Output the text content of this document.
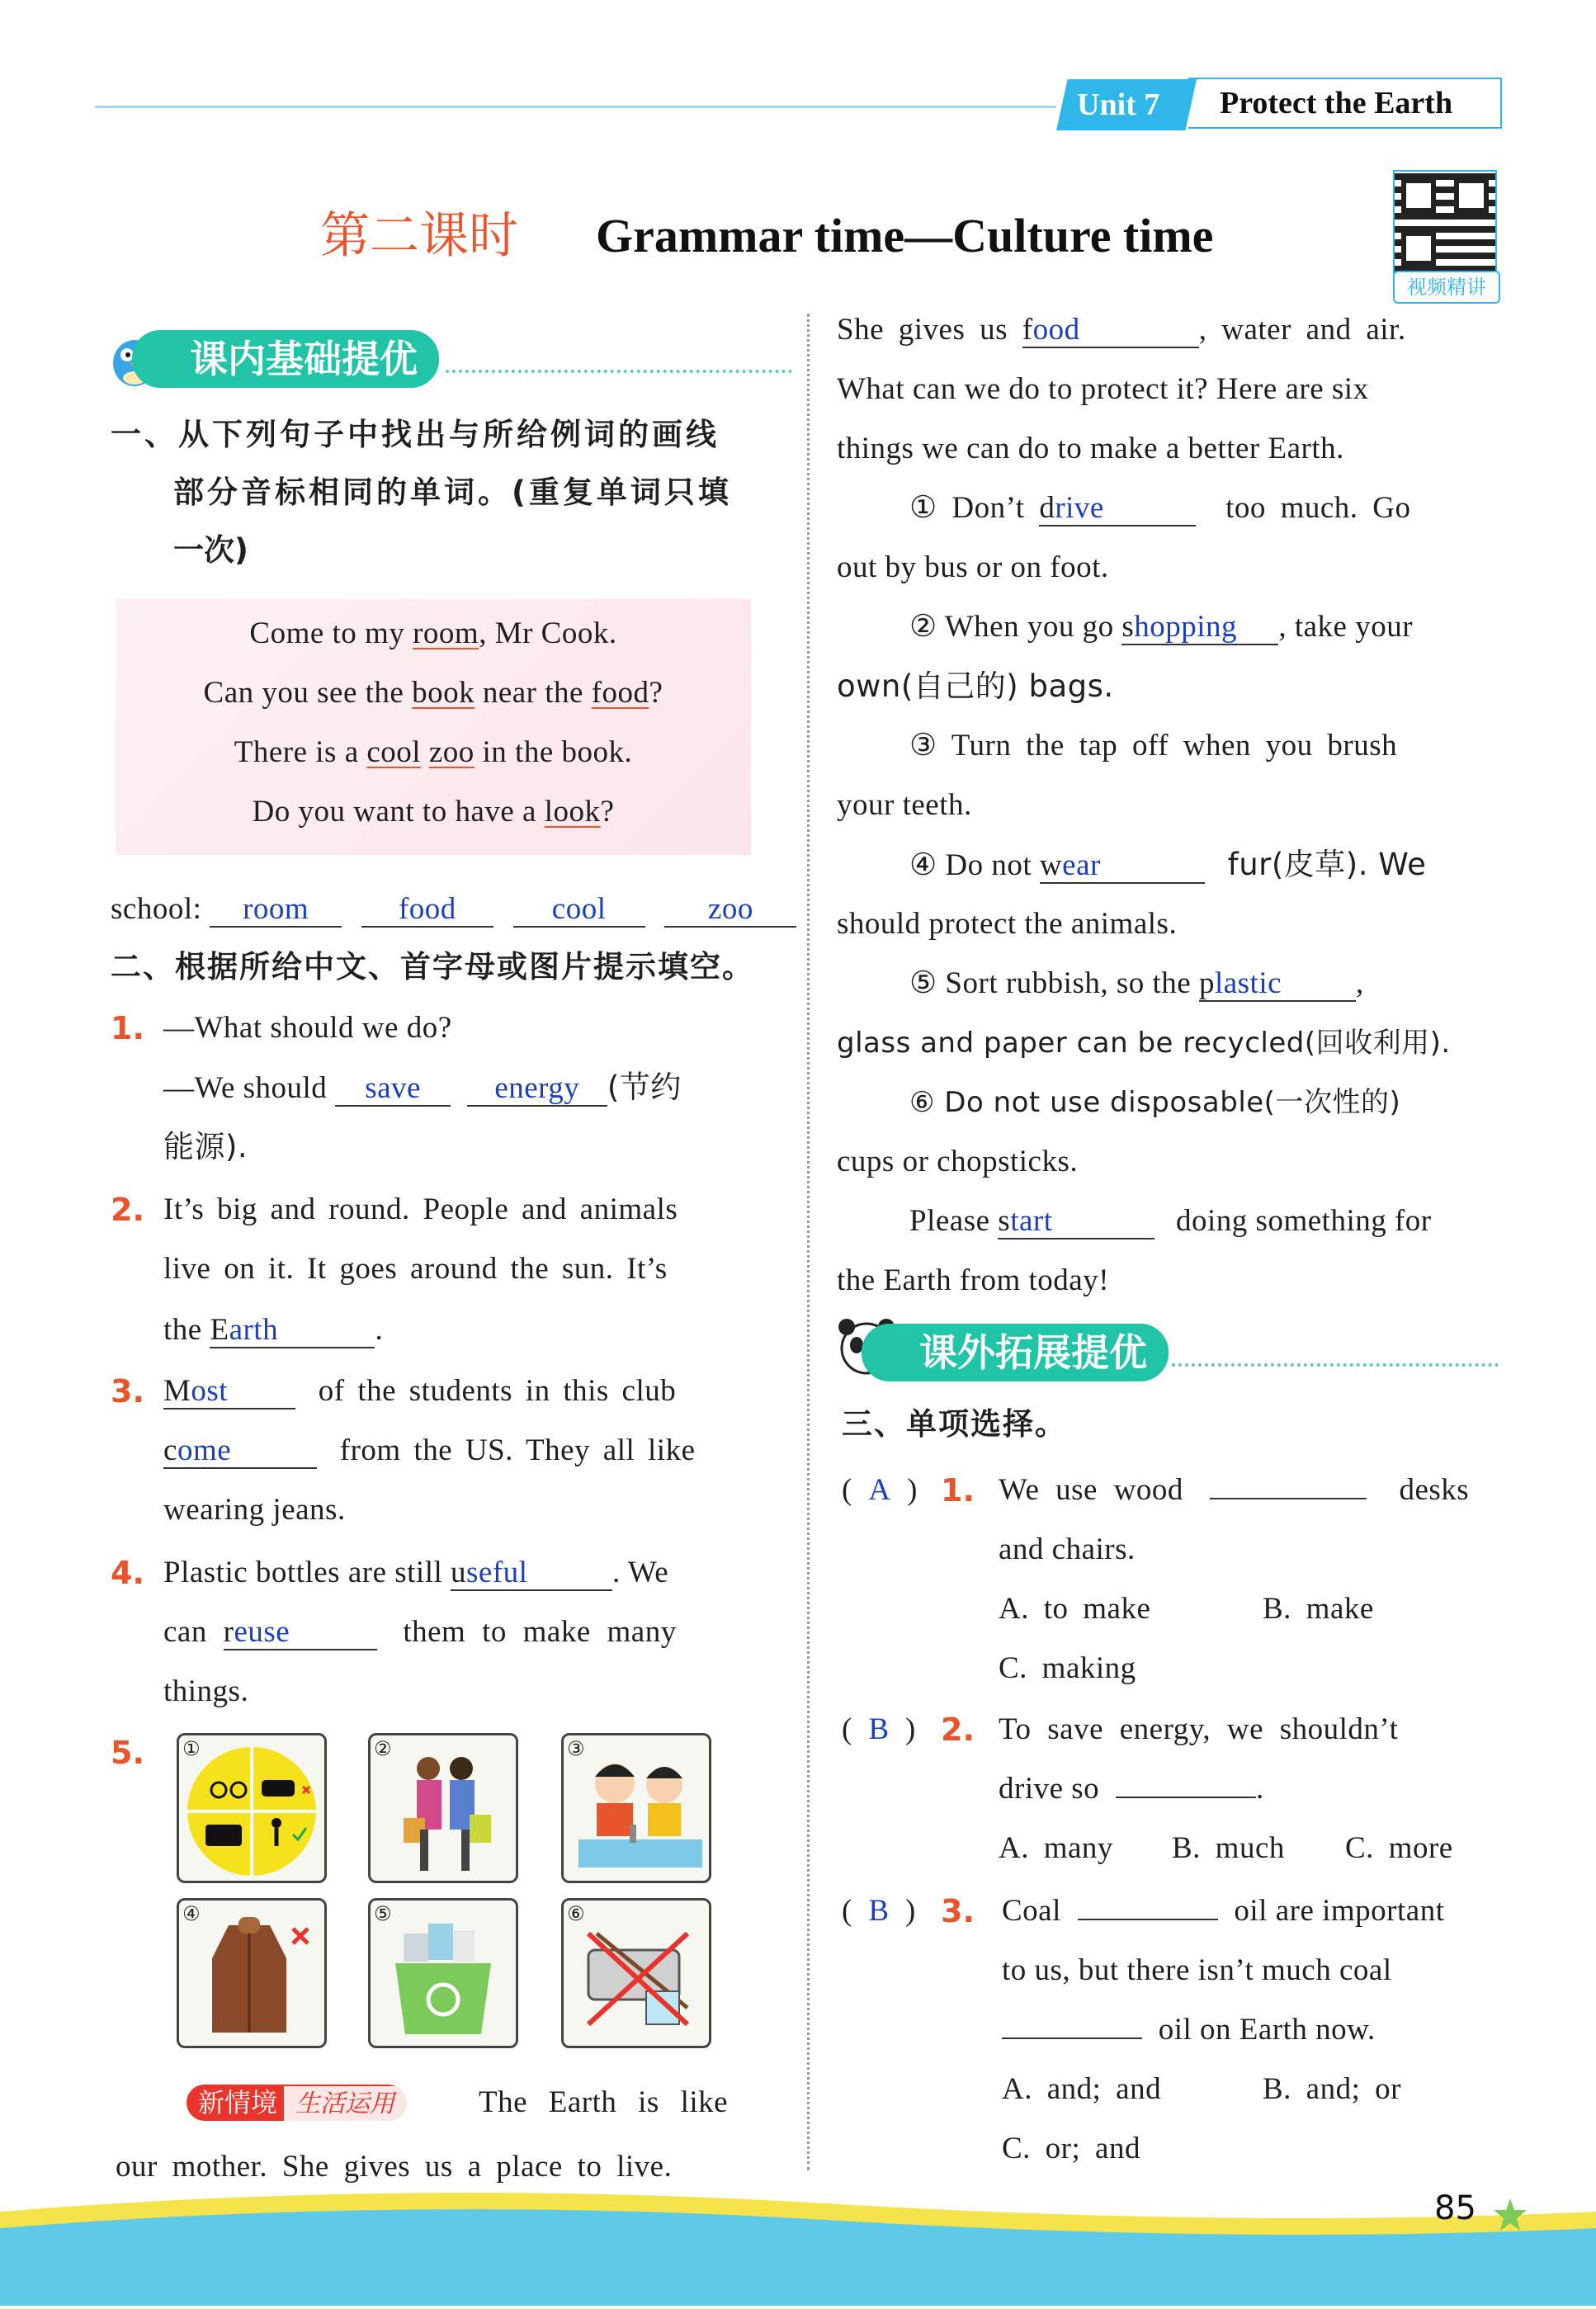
Unit 7	Protect the Earth
第二课时 Grammar time—Culture time
视频精讲
课内基础提优
一、从下列句子中找出与所给例词的画线
部分音标相同的单词。(重复单词只填
一次)
Come to my room, Mr Cook.
Can you see the book near the food?
There is a cool zoo in the book.
Do you want to have a look?
school: room	food	cool	zoo
二、根据所给中文、首字母或图片提示填空。
1. —What should we do?
—We should save energy (节约
能源).
2. It’s big and round. People and animals
live on it. It goes around the sun. It’s
the Earth	.
3. Most	of the students in this club
come	from the US. They all like
wearing jeans.
4. Plastic bottles are still useful	. We
can reuse	them to make many
things.
5. ①	②	③
④	⑤	⑥
新情境 生活运用	The Earth is like
our mother. She gives us a place to live.
She gives us food	, water and air.
What can we do to protect it? Here are six
things we can do to make a better Earth.
① Don’t drive	too much. Go
out by bus or on foot.
② When you go shopping , take your
own(自己的) bags.
③ Turn the tap off when you brush
your teeth.
④ Do not wear	fur(皮草). We
should protect the animals.
⑤ Sort rubbish, so the plastic ,
glass and paper can be recycled(回收利用).
⑥ Do not use disposable(一次性的)
cups or chopsticks.
Please start	doing something for
the Earth from today!
课外拓展提优
三、单项选择。
(  A  ) 1. We use wood	desks
and chairs.
A. to make	B. make
C. making
(  B  ) 2. To save energy, we shouldn’t
drive so	.
A. many B. much C. more
(  B  ) 3. Coal	oil are important
to us, but there isn’t much coal
oil on Earth now.
A. and; and	B. and; or
C. or; and
85
